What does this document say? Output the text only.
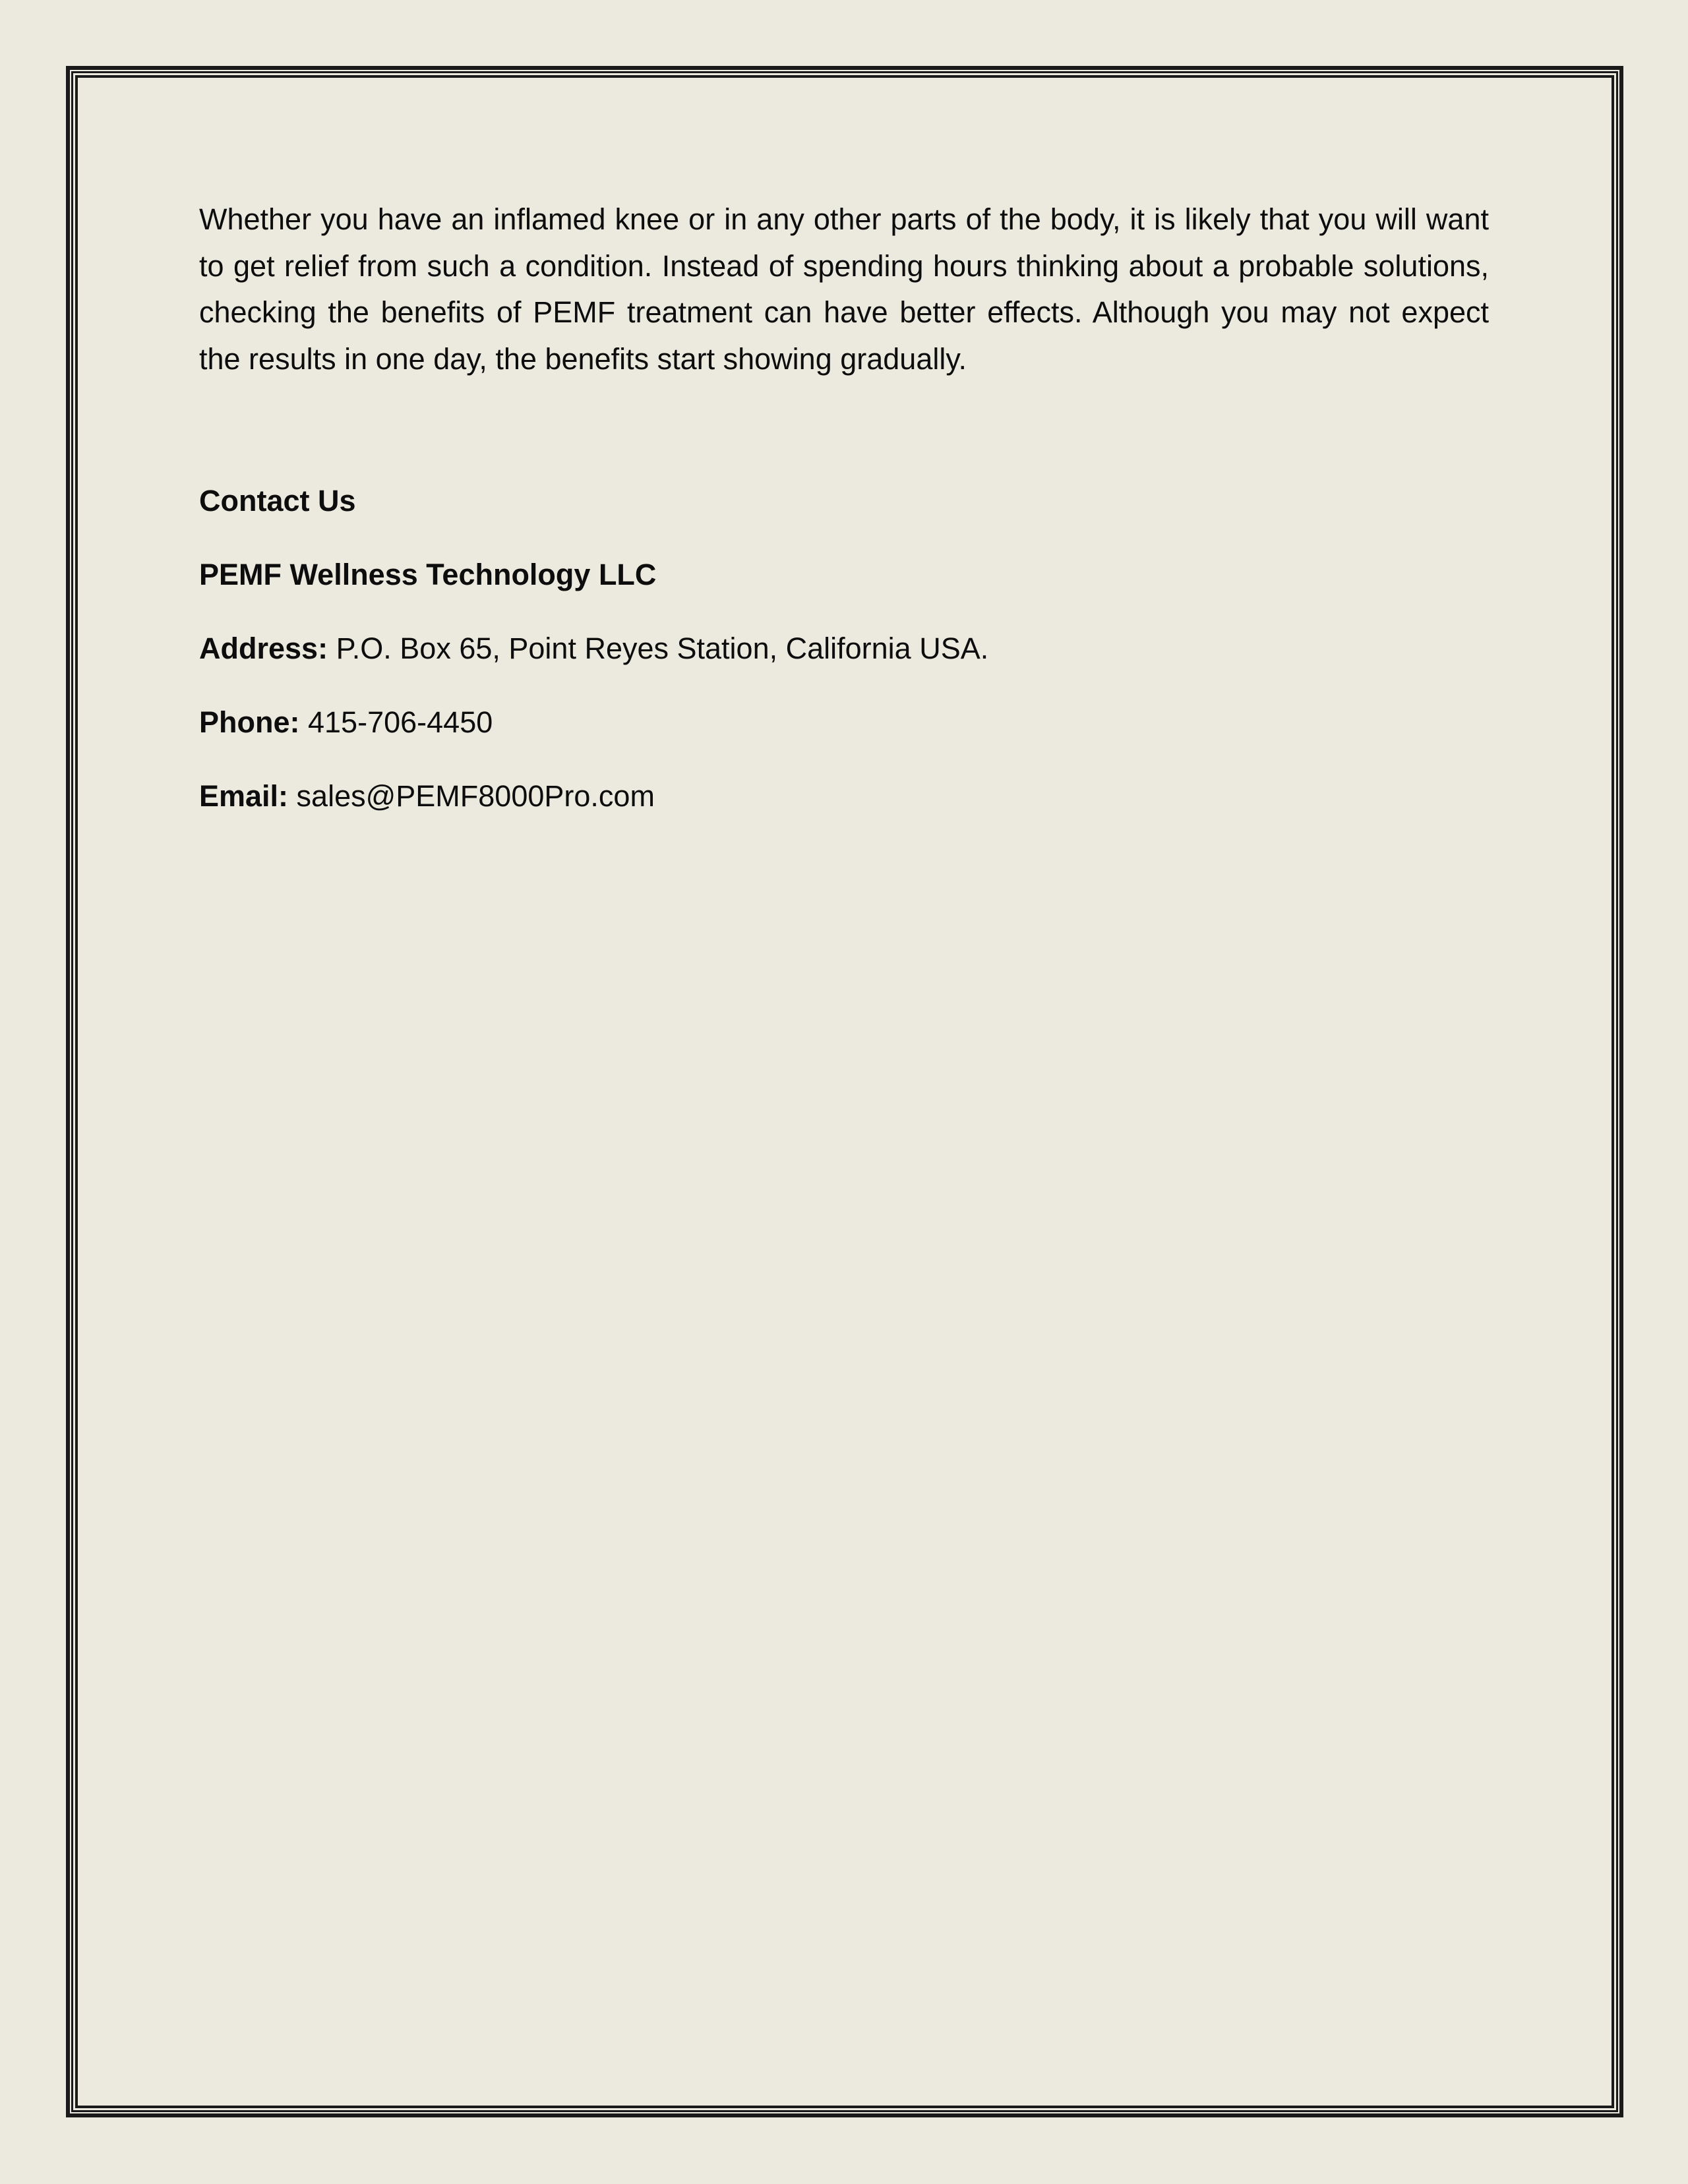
Whether you have an inflamed knee or in any other parts of the body, it is likely that you will want to get relief from such a condition. Instead of spending hours thinking about a probable solutions, checking the benefits of PEMF treatment can have better effects. Although you may not expect the results in one day, the benefits start showing gradually.

Contact Us

PEMF Wellness Technology LLC

Address: P.O. Box 65, Point Reyes Station, California USA.

Phone: 415-706-4450

Email: sales@PEMF8000Pro.com
